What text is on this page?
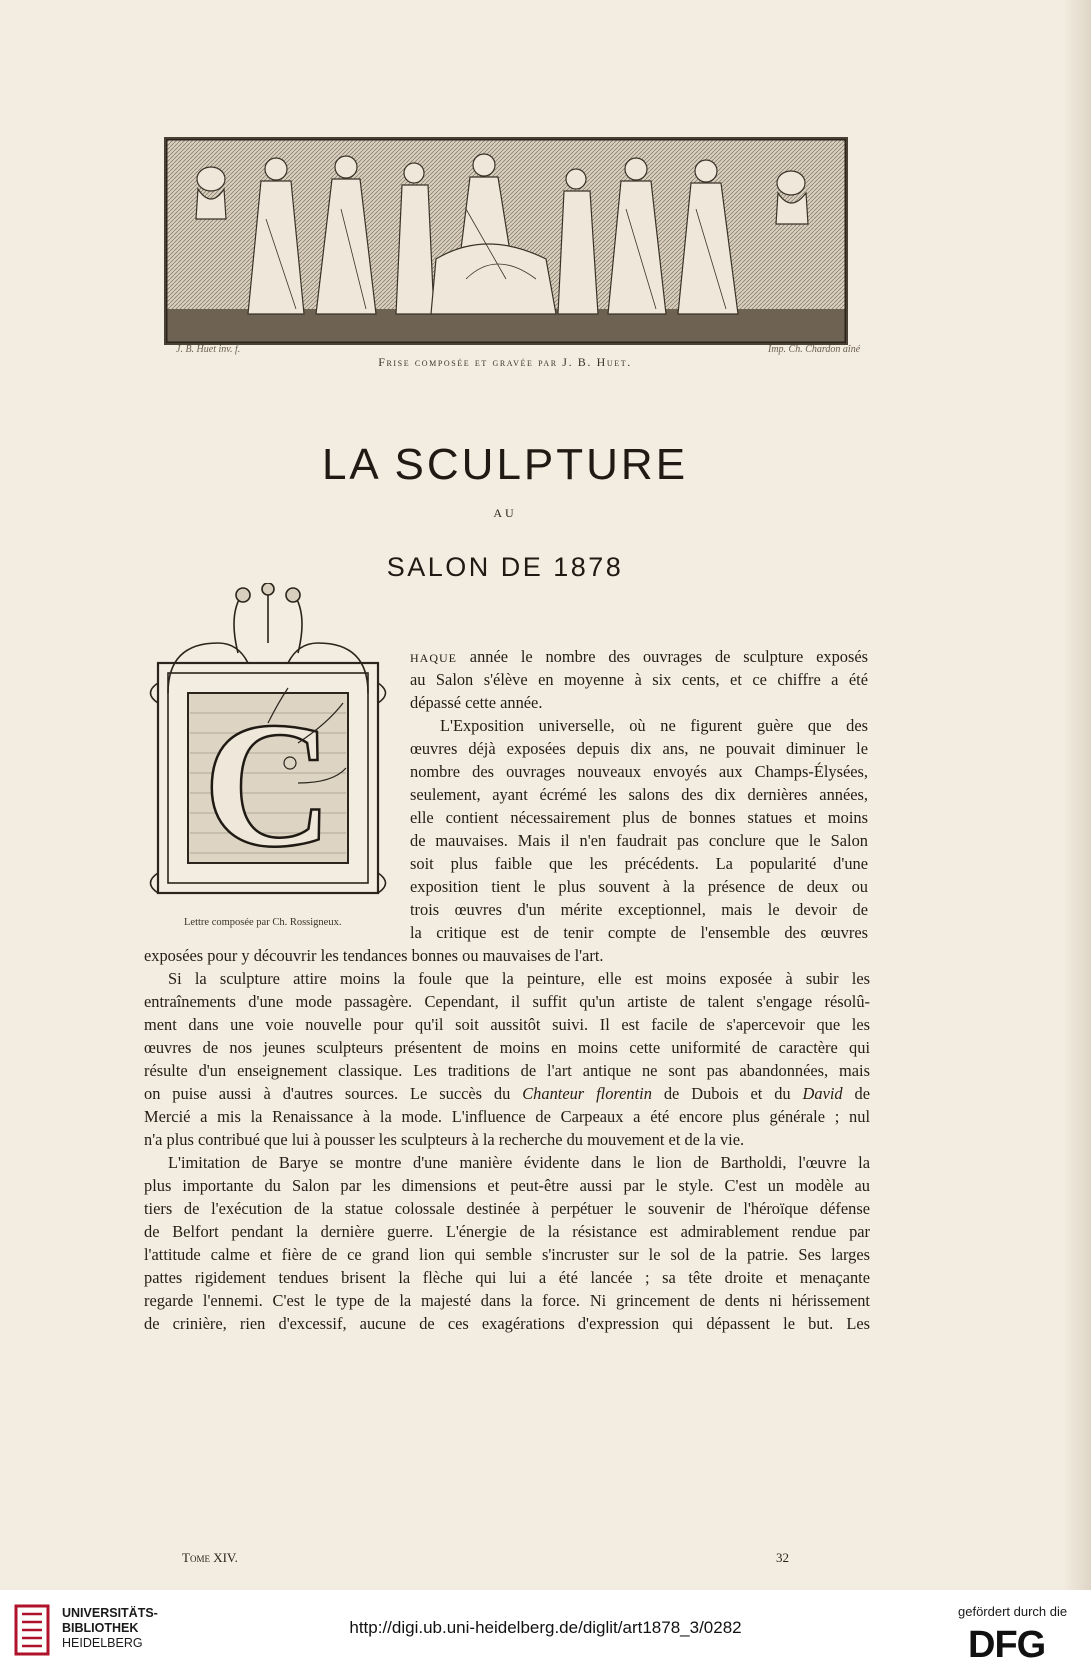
J. B. Huet inv. f.	Imp. Ch. Chardon aîné
Frise composée et gravée par J. B. Huet.
LA SCULPTURE
AU
SALON DE 1878
C
Lettre composée par Ch. Rossigneux.
HAQUE année le nombre des ouvrages de sculpture exposés
au Salon s'élève en moyenne à six cents, et ce chiffre a été
dépassé cette année.
L'Exposition universelle, où ne figurent guère que des
œuvres déjà exposées depuis dix ans, ne pouvait diminuer le
nombre des ouvrages nouveaux envoyés aux Champs-Élysées,
seulement, ayant écrémé les salons des dix dernières années,
elle contient nécessairement plus de bonnes statues et moins
de mauvaises. Mais il n'en faudrait pas conclure que le Salon
soit plus faible que les précédents. La popularité d'une
exposition tient le plus souvent à la présence de deux ou
trois œuvres d'un mérite exceptionnel, mais le devoir de
la critique est de tenir compte de l'ensemble des œuvres
exposées pour y découvrir les tendances bonnes ou mauvaises de l'art.
Si la sculpture attire moins la foule que la peinture, elle est moins exposée à subir les
entraînements d'une mode passagère. Cependant, il suffit qu'un artiste de talent s'engage résolû-
ment dans une voie nouvelle pour qu'il soit aussitôt suivi. Il est facile de s'apercevoir que les
œuvres de nos jeunes sculpteurs présentent de moins en moins cette uniformité de caractère qui
résulte d'un enseignement classique. Les traditions de l'art antique ne sont pas abandonnées, mais
on puise aussi à d'autres sources. Le succès du Chanteur florentin de Dubois et du David de
Mercié a mis la Renaissance à la mode. L'influence de Carpeaux a été encore plus générale ; nul
n'a plus contribué que lui à pousser les sculpteurs à la recherche du mouvement et de la vie.
L'imitation de Barye se montre d'une manière évidente dans le lion de Bartholdi, l'œuvre la
plus importante du Salon par les dimensions et peut-être aussi par le style. C'est un modèle au
tiers de l'exécution de la statue colossale destinée à perpétuer le souvenir de l'héroïque défense
de Belfort pendant la dernière guerre. L'énergie de la résistance est admirablement rendue par
l'attitude calme et fière de ce grand lion qui semble s'incruster sur le sol de la patrie. Ses larges
pattes rigidement tendues brisent la flèche qui lui a été lancée ; sa tête droite et menaçante
regarde l'ennemi. C'est le type de la majesté dans la force. Ni grincement de dents ni hérissement
de crinière, rien d'excessif, aucune de ces exagérations d'expression qui dépassent le but. Les
Tome XIV.	32
UNIVERSITÄTS-
BIBLIOTHEK
HEIDELBERG
http://digi.ub.uni-heidelberg.de/diglit/art1878_3/0282
gefördert durch die
DFG
